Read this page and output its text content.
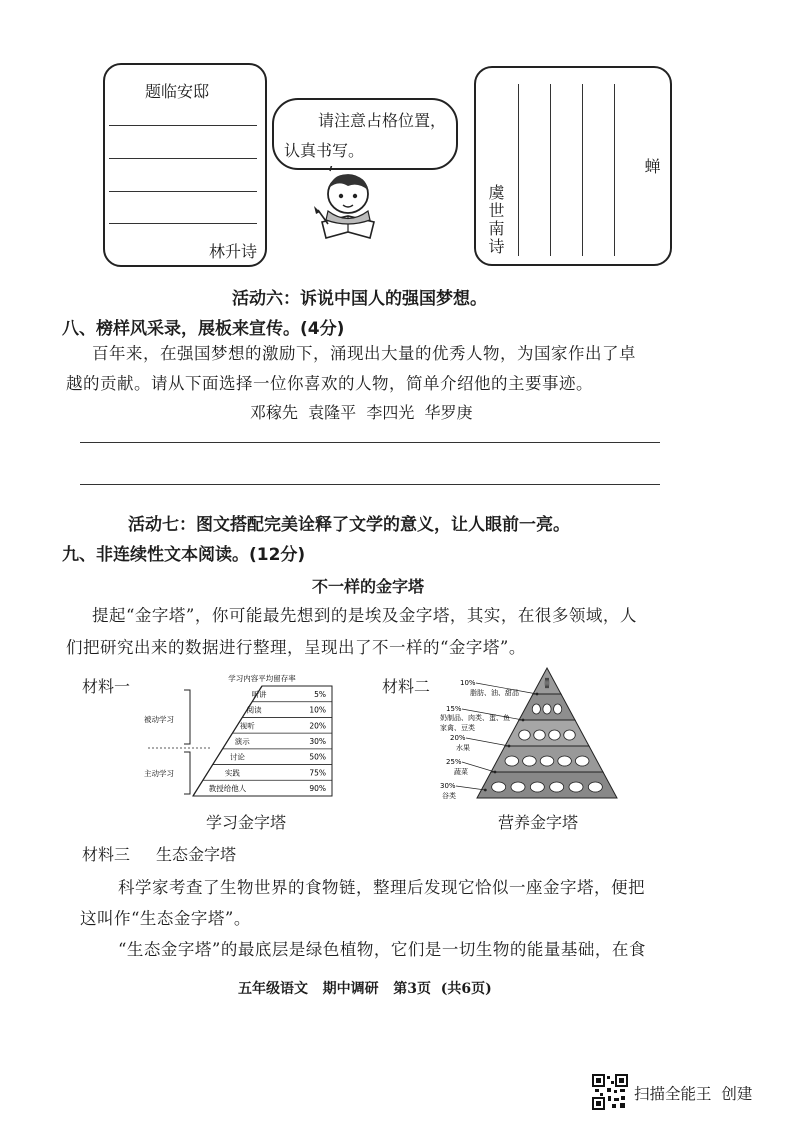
题临安邸
林升诗
请注意占格位置，
认真书写。
蝉
虞世南诗
活动六：诉说中国人的强国梦想。
八、榜样风采录，展板来宣传。(4分)
百年来，在强国梦想的激励下，涌现出大量的优秀人物，为国家作出了卓
越的贡献。请从下面选择一位你喜欢的人物，简单介绍他的主要事迹。
邓稼先  袁隆平  李四光  华罗庚
活动七：图文搭配完美诠释了文学的意义，让人眼前一亮。
九、非连续性文本阅读。(12分)
不一样的金字塔
提起“金字塔”，你可能最先想到的是埃及金字塔，其实，在很多领域，人
们把研究出来的数据进行整理，呈现出了不一样的“金字塔”。
材料一	学习内容平均留存率
听讲	5%
阅读	10%
视听	20%
演示	30%
讨论	50%
实践	75%
教授给他人	90%
被动学习
主动学习
学习金字塔
材料二	10%
脂肪、油、甜品
15%
奶制品、肉类、蛋、鱼
家禽、豆类
20%
水果
25%
蔬菜
30%
谷类
营养金字塔
材料三 生态金字塔
科学家考查了生物世界的食物链，整理后发现它恰似一座金字塔，便把
这叫作“生态金字塔”。
“生态金字塔”的最底层是绿色植物，它们是一切生物的能量基础，在食
五年级语文   期中调研   第3页  (共6页)
扫描全能王  创建
